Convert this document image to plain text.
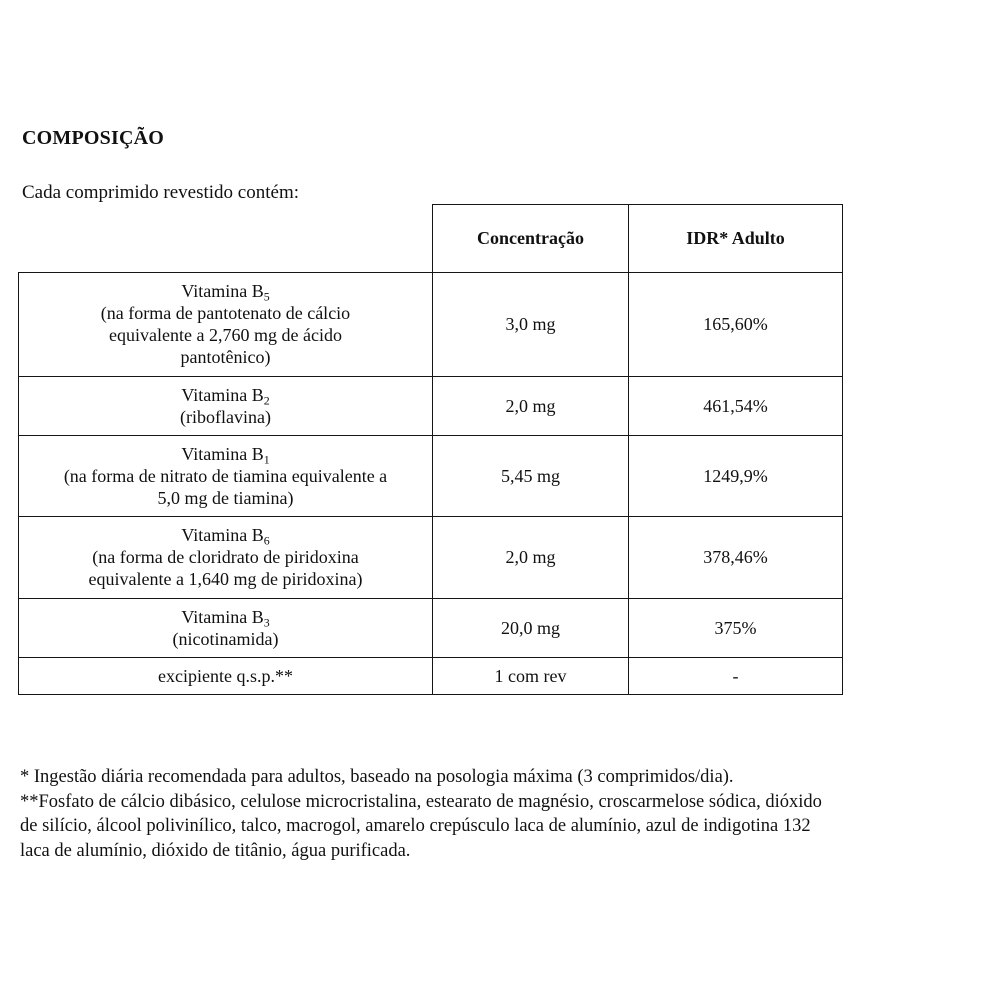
COMPOSIÇÃO
Cada comprimido revestido contém:
	Concentração	IDR* Adulto

Vitamina $B_5$
(na forma de pantotenato de cálcio
equivalente a 2,760 mg de ácido
pantotênico)	3,0 mg	165,60%

Vitamina $B_2$
(riboflavina)	2,0 mg	461,54%

Vitamina $B_1$
(na forma de nitrato de tiamina equivalente a
5,0 mg de tiamina)	5,45 mg	1249,9%

Vitamina $B_6$
(na forma de cloridrato de piridoxina
equivalente a 1,640 mg de piridoxina)	2,0 mg	378,46%

Vitamina $B_3$
(nicotinamida)	20,0 mg	375%

excipiente q.s.p.**	1 com rev	-
* Ingestão diária recomendada para adultos, baseado na posologia máxima (3 comprimidos/dia).
**Fosfato de cálcio dibásico, celulose microcristalina, estearato de magnésio, croscarmelose sódica, dióxido
de silício, álcool polivinílico, talco, macrogol, amarelo crepúsculo laca de alumínio, azul de indigotina 132
laca de alumínio, dióxido de titânio, água purificada.
